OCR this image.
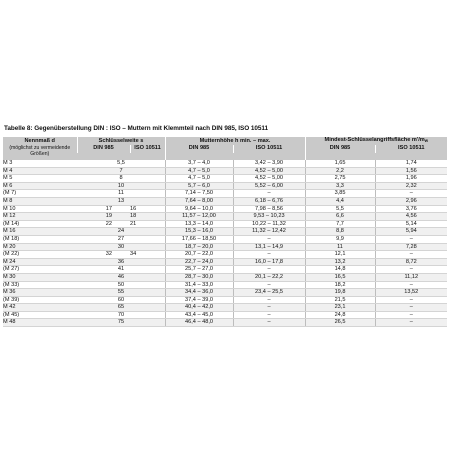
Tabelle 8: Gegenüberstellung DIN : ISO – Muttern mit Klemmteil nach DIN 985, ISO 10511
Nennmaß d	Schlüsselweite s			Mutternhöhe h min. – max.		Mindest-Schlüsselangriffsfläche $m'/m_w$
(möglichst zu vermeidende Größen)	DIN 985		ISO 10511	DIN 985	ISO 10511	DIN 985	ISO 10511

M 3		5,5		3,7 – 4,0	3,42 – 3,90	1,65	1,74
M 4		7		4,7 – 5,0	4,52 – 5,00	2,2	1,56
M 5		8		4,7 – 5,0	4,52 – 5,00	2,75	1,96
M 6		10		5,7 – 6,0	5,52 – 6,00	3,3	2,32
(M 7)		11		7,14 – 7,50	–	3,85	–
M 8		13		7,64 – 8,00	6,18 – 6,76	4,4	2,96
M 10	17		16	9,64 – 10,0	7,98 – 8,56	5,5	3,76
M 12	19		18	11,57 – 12,00	9,53 – 10,23	6,6	4,56
(M 14)	22		21	13,3 – 14,0	10,22 – 11,32	7,7	5,14
M 16		24		15,3 – 16,0	11,32 – 12,42	8,8	5,94
(M 18)		27		17,66 – 18,50	–	9,9	–
M 20		30		18,7 – 20,0	13,1 – 14,9	11	7,28
(M 22)	32		34	20,7 – 22,0	–	12,1	–
M 24		36		22,7 – 24,0	16,0 – 17,8	13,2	8,72
(M 27)		41		25,7 – 27,0	–	14,8	–
M 30		46		28,7 – 30,0	20,1 – 22,2	16,5	11,12
(M 33)		50		31,4 – 33,0	–	18,2	–
M 36		55		34,4 – 36,0	23,4 – 25,5	19,8	13,52
(M 39)		60		37,4 – 39,0	–	21,5	–
M 42		65		40,4 – 42,0	–	23,1	–
(M 45)		70		43,4 – 45,0	–	24,8	–
M 48		75		46,4 – 48,0	–	26,5	–
